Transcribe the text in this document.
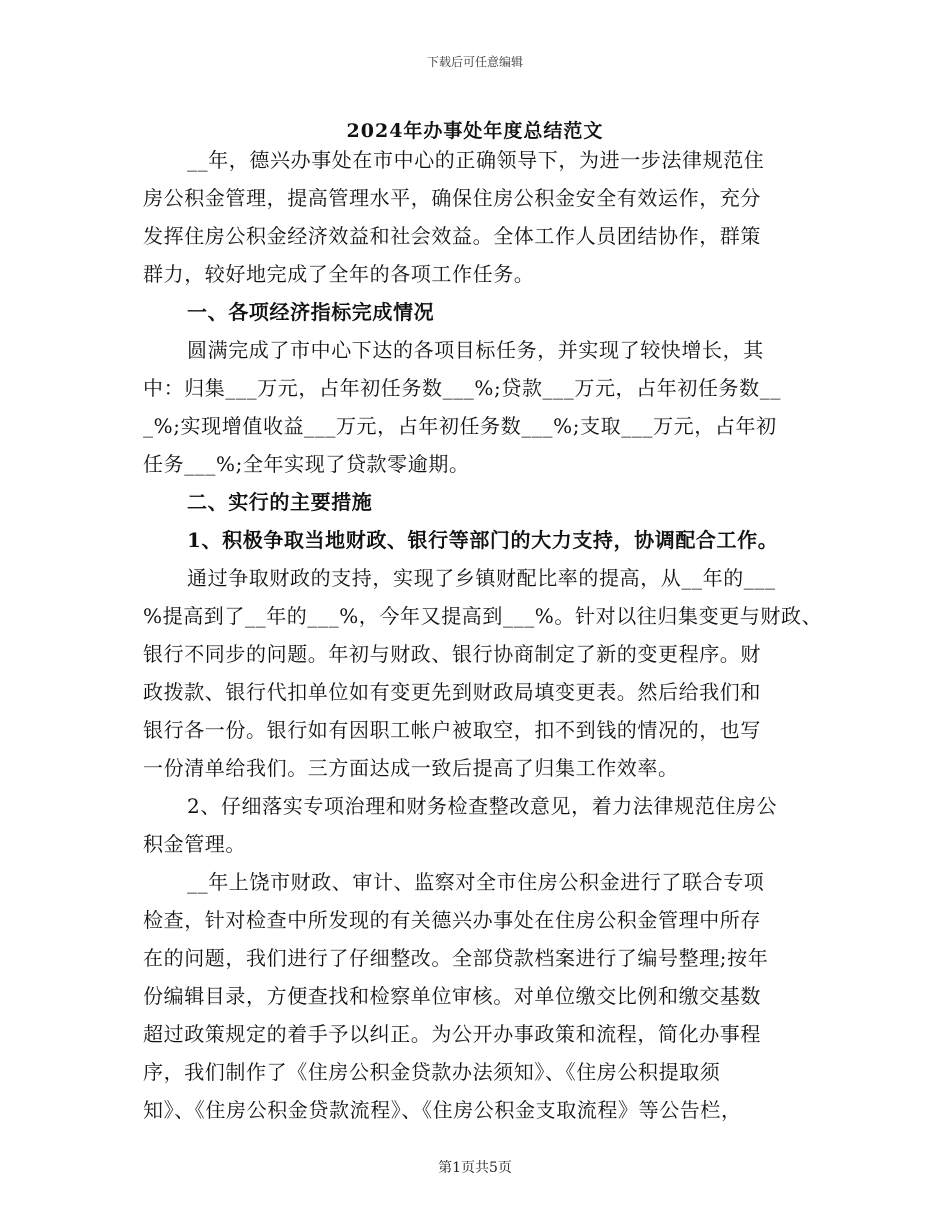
下载后可任意编辑
2024年办事处年度总结范文
__年，德兴办事处在市中心的正确领导下，为进一步法律规范住
房公积金管理，提高管理水平，确保住房公积金安全有效运作，充分
发挥住房公积金经济效益和社会效益。全体工作人员团结协作，群策
群力，较好地完成了全年的各项工作任务。
一、各项经济指标完成情况
圆满完成了市中心下达的各项目标任务，并实现了较快增长，其
中：归集___万元，占年初任务数___%;贷款___万元，占年初任务数__
_%;实现增值收益___万元，占年初任务数___%;支取___万元，占年初
任务___%;全年实现了贷款零逾期。
二、实行的主要措施
1、积极争取当地财政、银行等部门的大力支持，协调配合工作。
通过争取财政的支持，实现了乡镇财配比率的提高，从__年的___
%提高到了__年的___%，今年又提高到___%。针对以往归集变更与财政、
银行不同步的问题。年初与财政、银行协商制定了新的变更程序。财
政拨款、银行代扣单位如有变更先到财政局填变更表。然后给我们和
银行各一份。银行如有因职工帐户被取空，扣不到钱的情况的，也写
一份清单给我们。三方面达成一致后提高了归集工作效率。
2、仔细落实专项治理和财务检查整改意见，着力法律规范住房公
积金管理。
__年上饶市财政、审计、监察对全市住房公积金进行了联合专项
检查，针对检查中所发现的有关德兴办事处在住房公积金管理中所存
在的问题，我们进行了仔细整改。全部贷款档案进行了编号整理;按年
份编辑目录，方便查找和检察单位审核。对单位缴交比例和缴交基数
超过政策规定的着手予以纠正。为公开办事政策和流程，简化办事程
序，我们制作了《住房公积金贷款办法须知》、《住房公积提取须
知》、《住房公积金贷款流程》、《住房公积金支取流程》等公告栏，
第1页共5页
